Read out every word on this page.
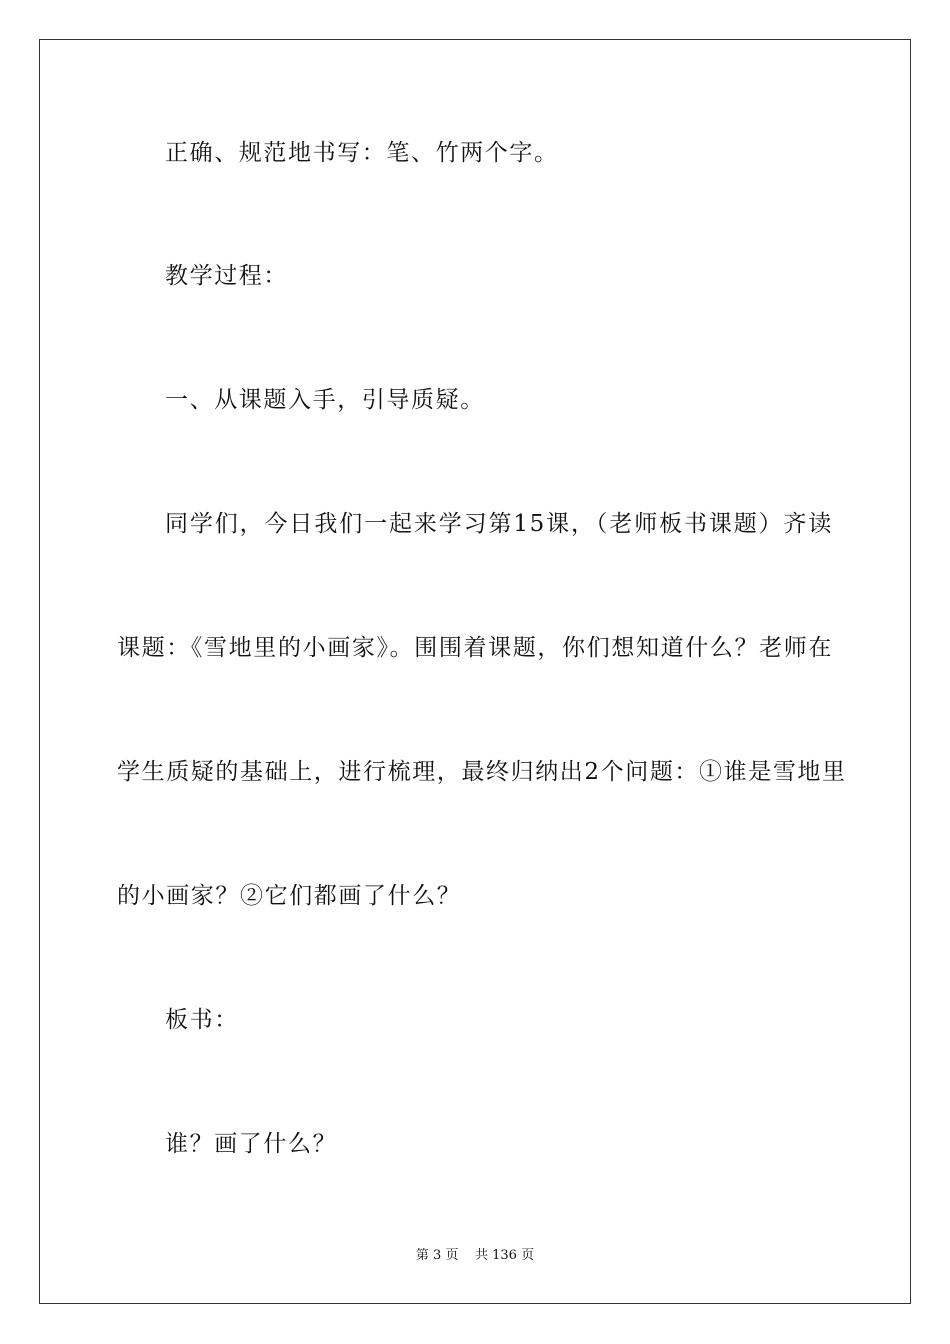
正确、规范地书写：笔、竹两个字。
教学过程：
一、从课题入手，引导质疑。
同学们，今日我们一起来学习第15课，（老师板书课题）齐读
课题：《雪地里的小画家》。围围着课题，你们想知道什么？老师在
学生质疑的基础上，进行梳理，最终归纳出2个问题：①谁是雪地里
的小画家？②它们都画了什么？
板书：
谁？画了什么？
第 3 页    共 136 页
